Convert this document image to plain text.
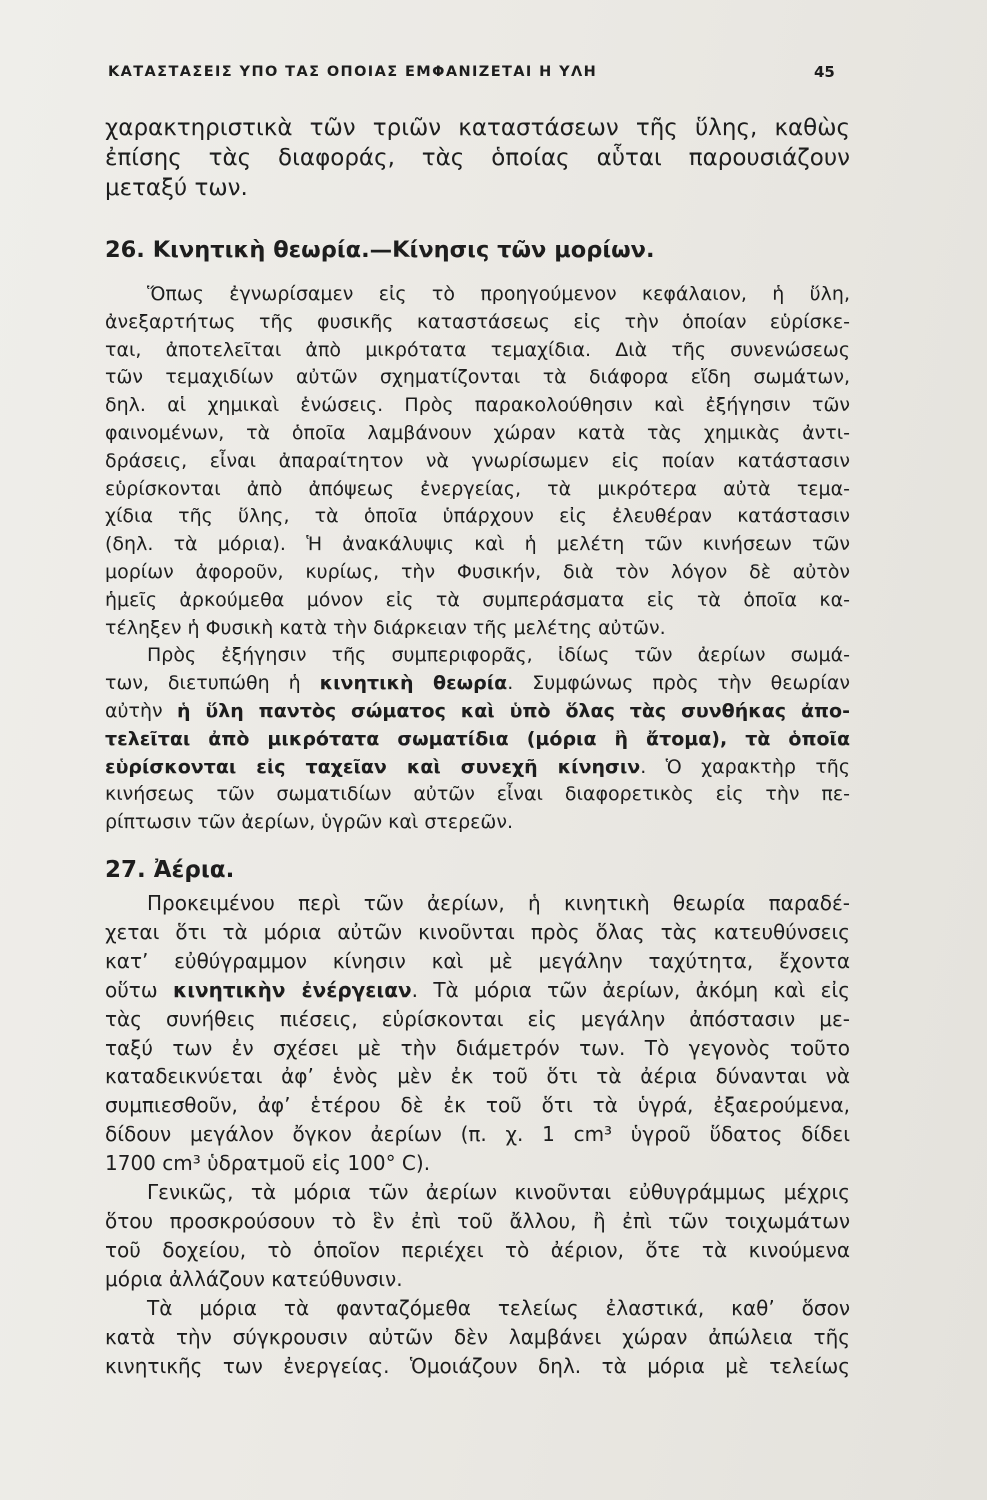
ΚΑΤΑΣΤΑΣΕΙΣ ΥΠΟ ΤΑΣ ΟΠΟΙΑΣ ΕΜΦΑΝΙΖΕΤΑΙ Η ΥΛΗ	45
χαρακτηριστικὰ τῶν τριῶν καταστάσεων τῆς ὕλης, καθὼς
ἐπίσης τὰς διαφοράς, τὰς ὁποίας αὗται παρουσιάζουν
μεταξύ των.
26. Κινητικὴ θεωρία.—Κίνησις τῶν μορίων.
Ὅπως ἐγνωρίσαμεν εἰς τὸ προηγούμενον κεφάλαιον, ἡ ὕλη,
ἀνεξαρτήτως τῆς φυσικῆς καταστάσεως εἰς τὴν ὁποίαν εὑρίσκε-
ται, ἀποτελεῖται ἀπὸ μικρότατα τεμαχίδια. Διὰ τῆς συνενώσεως
τῶν τεμαχιδίων αὐτῶν σχηματίζονται τὰ διάφορα εἴδη σωμάτων,
δηλ. αἱ χημικαὶ ἑνώσεις. Πρὸς παρακολούθησιν καὶ ἐξήγησιν τῶν
φαινομένων, τὰ ὁποῖα λαμβάνουν χώραν κατὰ τὰς χημικὰς ἀντι-
δράσεις, εἶναι ἀπαραίτητον νὰ γνωρίσωμεν εἰς ποίαν κατάστασιν
εὑρίσκονται ἀπὸ ἀπόψεως ἐνεργείας, τὰ μικρότερα αὐτὰ τεμα-
χίδια τῆς ὕλης, τὰ ὁποῖα ὑπάρχουν εἰς ἐλευθέραν κατάστασιν
(δηλ. τὰ μόρια). Ἡ ἀνακάλυψις καὶ ἡ μελέτη τῶν κινήσεων τῶν
μορίων ἀφοροῦν, κυρίως, τὴν Φυσικήν, διὰ τὸν λόγον δὲ αὐτὸν
ἡμεῖς ἀρκούμεθα μόνον εἰς τὰ συμπεράσματα εἰς τὰ ὁποῖα κα-
τέληξεν ἡ Φυσικὴ κατὰ τὴν διάρκειαν τῆς μελέτης αὐτῶν.
Πρὸς ἐξήγησιν τῆς συμπεριφορᾶς, ἰδίως τῶν ἀερίων σωμά-
των, διετυπώθη ἡ κινητικὴ θεωρία. Συμφώνως πρὸς τὴν θεωρίαν
αὐτὴν ἡ ὕλη παντὸς σώματος καὶ ὑπὸ ὅλας τὰς συνθήκας ἀπο-
τελεῖται ἀπὸ μικρότατα σωματίδια (μόρια ἢ ἄτομα), τὰ ὁποῖα
εὑρίσκονται εἰς ταχεῖαν καὶ συνεχῆ κίνησιν. Ὁ χαρακτὴρ τῆς
κινήσεως τῶν σωματιδίων αὐτῶν εἶναι διαφορετικὸς εἰς τὴν πε-
ρίπτωσιν τῶν ἀερίων, ὑγρῶν καὶ στερεῶν.
27. Ἀέρια.
Προκειμένου περὶ τῶν ἀερίων, ἡ κινητικὴ θεωρία παραδέ-
χεται ὅτι τὰ μόρια αὐτῶν κινοῦνται πρὸς ὅλας τὰς κατευθύνσεις
κατ’ εὐθύγραμμον κίνησιν καὶ μὲ μεγάλην ταχύτητα, ἔχοντα
οὕτω κινητικὴν ἐνέργειαν. Τὰ μόρια τῶν ἀερίων, ἀκόμη καὶ εἰς
τὰς συνήθεις πιέσεις, εὑρίσκονται εἰς μεγάλην ἀπόστασιν με-
ταξύ των ἐν σχέσει μὲ τὴν διάμετρόν των. Τὸ γεγονὸς τοῦτο
καταδεικνύεται ἀφ’ ἑνὸς μὲν ἐκ τοῦ ὅτι τὰ ἀέρια δύνανται νὰ
συμπιεσθοῦν, ἀφ’ ἑτέρου δὲ ἐκ τοῦ ὅτι τὰ ὑγρά, ἐξαερούμενα,
δίδουν μεγάλον ὄγκον ἀερίων (π. χ. 1 cm³ ὑγροῦ ὕδατος δίδει
1700 cm³ ὑδρατμοῦ εἰς 100° C).
Γενικῶς, τὰ μόρια τῶν ἀερίων κινοῦνται εὐθυγράμμως μέχρις
ὅτου προσκρούσουν τὸ ἓν ἐπὶ τοῦ ἄλλου, ἢ ἐπὶ τῶν τοιχωμάτων
τοῦ δοχείου, τὸ ὁποῖον περιέχει τὸ ἀέριον, ὅτε τὰ κινούμενα
μόρια ἀλλάζουν κατεύθυνσιν.
Τὰ μόρια τὰ φανταζόμεθα τελείως ἐλαστικά, καθ’ ὅσον
κατὰ τὴν σύγκρουσιν αὐτῶν δὲν λαμβάνει χώραν ἀπώλεια τῆς
κινητικῆς των ἐνεργείας. Ὁμοιάζουν δηλ. τὰ μόρια μὲ τελείως
